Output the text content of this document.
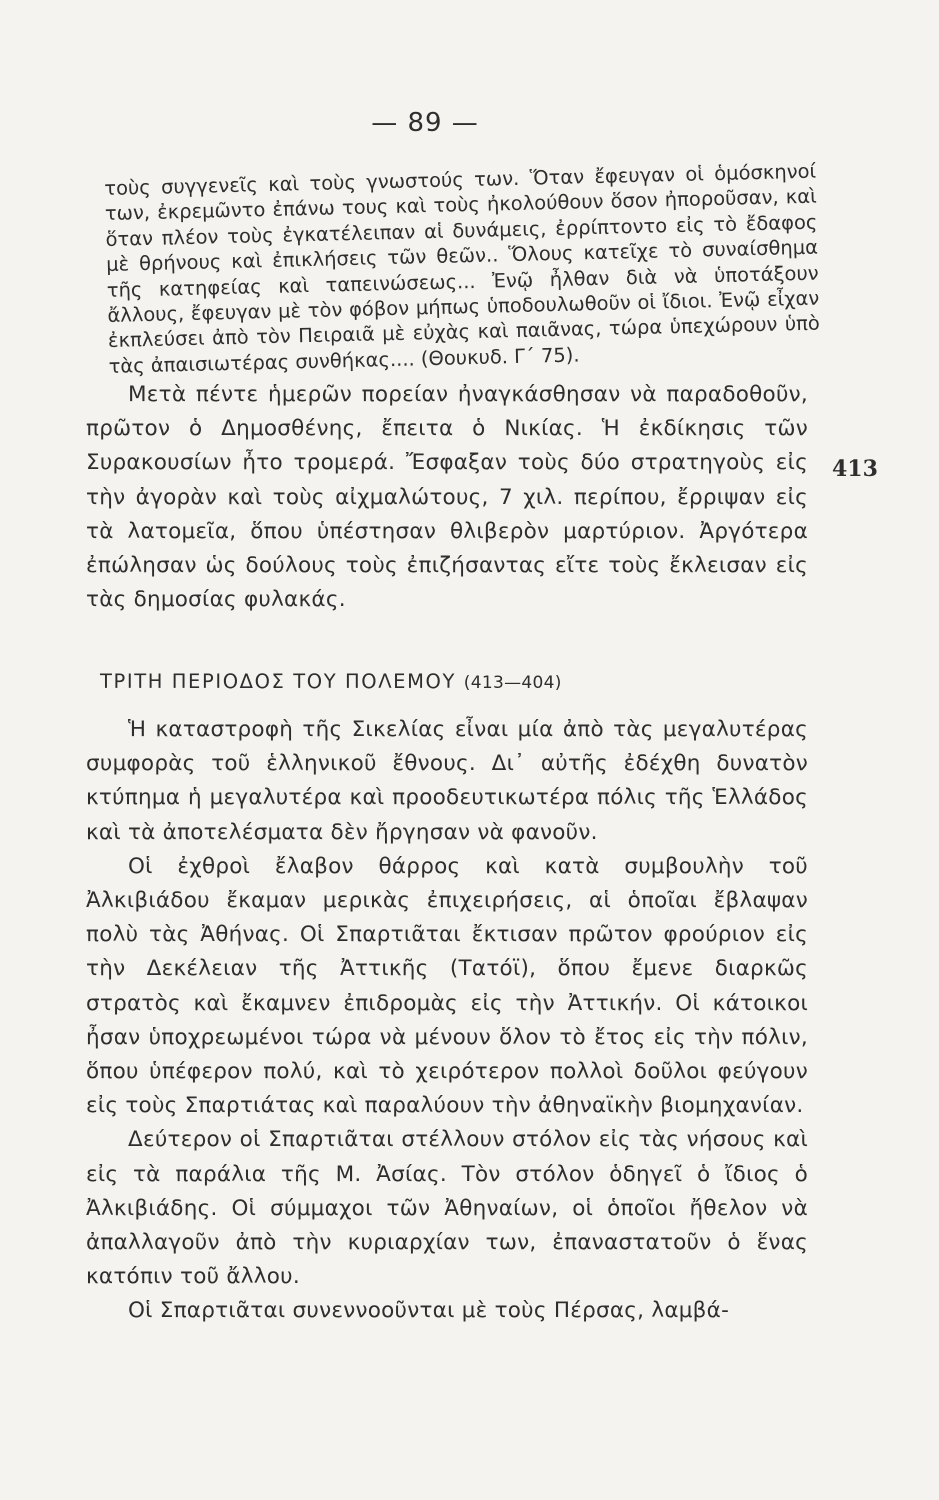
— 89 —

τοὺς συγγενεῖς καὶ τοὺς γνωστούς των. Ὅταν ἔφευγαν οἱ ὁμόσκηνοί των, ἐκρεμῶντο ἐπάνω τους καὶ τοὺς ἠκολούθουν ὅσον ἠποροῦσαν, καὶ ὅταν πλέον τοὺς ἐγκατέλειπαν αἱ δυνάμεις, ἐρρίπτοντο εἰς τὸ ἔδαφος μὲ θρήνους καὶ ἐπικλήσεις τῶν θεῶν.. Ὅλους κατεῖχε τὸ συναίσθημα τῆς κατηφείας καὶ ταπεινώσεως... Ἐνῷ ἦλθαν διὰ νὰ ὑποτάξουν ἄλλους, ἔφευγαν μὲ τὸν φόβον μήπως ὑποδουλωθοῦν οἱ ἴδιοι. Ἐνῷ εἶχαν ἐκπλεύσει ἀπὸ τὸν Πειραιᾶ μὲ εὐχὰς καὶ παιᾶνας, τώρα ὑπεχώρουν ὑπὸ τὰς ἀπαισιωτέρας συνθήκας.... (Θουκυδ. Γ΄ 75).

413

Μετὰ πέντε ἡμερῶν πορείαν ἠναγκάσθησαν νὰ παραδοθοῦν, πρῶτον ὁ Δημοσθένης, ἔπειτα ὁ Νικίας. Ἡ ἐκδίκησις τῶν Συρακουσίων ἦτο τρομερά. Ἔσφαξαν τοὺς δύο στρατηγοὺς εἰς τὴν ἀγορὰν καὶ τοὺς αἰχμαλώτους, 7 χιλ. περίπου, ἔρριψαν εἰς τὰ λατομεῖα, ὅπου ὑπέστησαν θλιβερὸν μαρτύριον. Ἀργότερα ἐπώλησαν ὡς δούλους τοὺς ἐπιζήσαντας εἴτε τοὺς ἔκλεισαν εἰς τὰς δημοσίας φυλακάς.

ΤΡΙΤΗ ΠΕΡΙΟΔΟΣ ΤΟΥ ΠΟΛΕΜΟΥ (413—404)

Ἡ καταστροφὴ τῆς Σικελίας εἶναι μία ἀπὸ τὰς μεγαλυτέρας συμφορὰς τοῦ ἑλληνικοῦ ἔθνους. Δι᾽ αὐτῆς ἐδέχθη δυνατὸν κτύπημα ἡ μεγαλυτέρα καὶ προοδευτικωτέρα πόλις τῆς Ἑλλάδος καὶ τὰ ἀποτελέσματα δὲν ἤργησαν νὰ φανοῦν.

Οἱ ἐχθροὶ ἔλαβον θάρρος καὶ κατὰ συμβουλὴν τοῦ Ἀλκιβιάδου ἔκαμαν μερικὰς ἐπιχειρήσεις, αἱ ὁποῖαι ἔβλαψαν πολὺ τὰς Ἀθήνας. Οἱ Σπαρτιᾶται ἔκτισαν πρῶτον φρούριον εἰς τὴν Δεκέλειαν τῆς Ἀττικῆς (Τατόϊ), ὅπου ἔμενε διαρκῶς στρατὸς καὶ ἔκαμνεν ἐπιδρομὰς εἰς τὴν Ἀττικήν. Οἱ κάτοικοι ἦσαν ὑποχρεωμένοι τώρα νὰ μένουν ὅλον τὸ ἔτος εἰς τὴν πόλιν, ὅπου ὑπέφερον πολύ, καὶ τὸ χειρότερον πολλοὶ δοῦλοι φεύγουν εἰς τοὺς Σπαρτιάτας καὶ παραλύουν τὴν ἀθηναϊκὴν βιομηχανίαν.

Δεύτερον οἱ Σπαρτιᾶται στέλλουν στόλον εἰς τὰς νήσους καὶ εἰς τὰ παράλια τῆς Μ. Ἀσίας. Τὸν στόλον ὁδηγεῖ ὁ ἴδιος ὁ Ἀλκιβιάδης. Οἱ σύμμαχοι τῶν Ἀθηναίων, οἱ ὁποῖοι ἤθελον νὰ ἀπαλλαγοῦν ἀπὸ τὴν κυριαρχίαν των, ἐπαναστατοῦν ὁ ἕνας κατόπιν τοῦ ἄλλου.

Οἱ Σπαρτιᾶται συνεννοοῦνται μὲ τοὺς Πέρσας, λαμβά-
